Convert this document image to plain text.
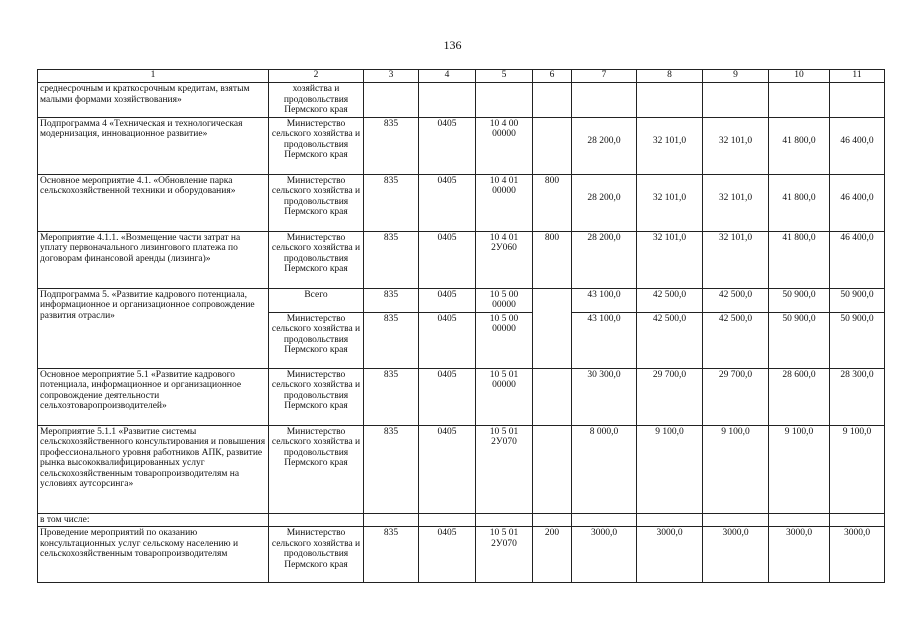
136
1	2	3	4	5	6	7	8	9	10	11
среднесрочным и краткосрочным кредитам, взятым малыми формами хозяйствования»	хозяйства и продовольствия Пермского края									
Подпрограмма 4 «Техническая и технологическая модернизация, инновационное развитие»	Министерство сельского хозяйства и продовольствия Пермского края	835	0405	10 4 00 00000		28 200,0	32 101,0	32 101,0	41 800,0	46 400,0
Основное мероприятие 4.1. «Обновление парка сельскохозяйственной техники и оборудования»	Министерство сельского хозяйства и продовольствия Пермского края	835	0405	10 4 01 00000	800	28 200,0	32 101,0	32 101,0	41 800,0	46 400,0
Мероприятие 4.1.1. «Возмещение части затрат на уплату первоначального лизингового платежа по договорам финансовой аренды (лизинга)»	Министерство сельского хозяйства и продовольствия Пермского края	835	0405	10 4 01 2У060	800	28 200,0	32 101,0	32 101,0	41 800,0	46 400,0
Подпрограмма 5. «Развитие кадрового потенциала, информационное и организационное сопровождение развития отрасли»	Всего	835	0405	10 5 00 00000		43 100,0	42 500,0	42 500,0	50 900,0	50 900,0
	Министерство сельского хозяйства и продовольствия Пермского края	835	0405	10 5 00 00000		43 100,0	42 500,0	42 500,0	50 900,0	50 900,0
Основное мероприятие 5.1 «Развитие кадрового потенциала, информационное и организационное сопровождение деятельности сельхозтоваропроизводителей»	Министерство сельского хозяйства и продовольствия Пермского края	835	0405	10 5 01 00000		30 300,0	29 700,0	29 700,0	28 600,0	28 300,0
Мероприятие 5.1.1 «Развитие системы сельскохозяйственного консультирования и повышения профессионального уровня работников АПК, развитие рынка высококвалифицированных услуг сельскохозяйственным товаропроизводителям на условиях аутсорсинга»	Министерство сельского хозяйства и продовольствия Пермского края	835	0405	10 5 01 2У070		8 000,0	9 100,0	9 100,0	9 100,0	9 100,0
в том числе:										
Проведение мероприятий по оказанию консультационных услуг сельскому населению и сельскохозяйственным товаропроизводителям	Министерство сельского хозяйства и продовольствия Пермского края	835	0405	10 5 01 2У070	200	3000,0	3000,0	3000,0	3000,0	3000,0
